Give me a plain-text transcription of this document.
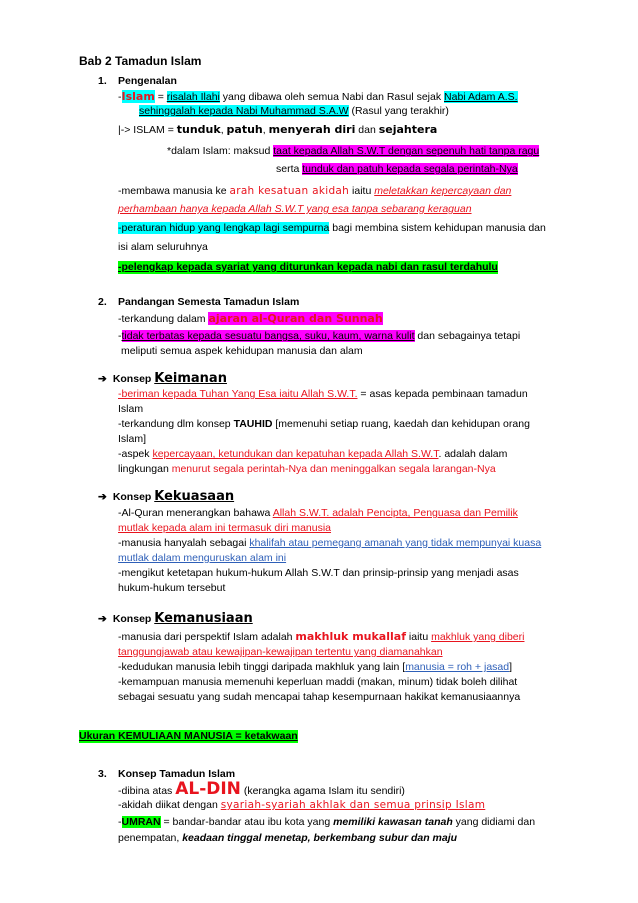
Bab 2 Tamadun Islam
1. Pengenalan
-Islam = risalah Ilahi yang dibawa oleh semua Nabi dan Rasul sejak Nabi Adam A.S.
sehinggalah kepada Nabi Muhammad S.A.W (Rasul yang terakhir)
|-> ISLAM = tunduk, patuh, menyerah diri dan sejahtera
*dalam Islam: maksud taat kepada Allah S.W.T dengan sepenuh hati tanpa ragu
serta tunduk dan patuh kepada segala perintah-Nya
-membawa manusia ke arah kesatuan akidah iaitu meletakkan kepercayaan dan
perhambaan hanya kepada Allah S.W.T yang esa tanpa sebarang keraguan
-peraturan hidup yang lengkap lagi sempurna bagi membina sistem kehidupan manusia dan
isi alam seluruhnya
-pelengkap kepada syariat yang diturunkan kepada nabi dan rasul terdahulu
2. Pandangan Semesta Tamadun Islam
-terkandung dalam ajaran al-Quran dan Sunnah
-tidak terbatas kepada sesuatu bangsa, suku, kaum, warna kulit dan sebagainya tetapi
meliputi semua aspek kehidupan manusia dan alam
➔ Konsep Keimanan
-beriman kepada Tuhan Yang Esa iaitu Allah S.W.T. = asas kepada pembinaan tamadun
Islam
-terkandung dlm konsep TAUHID [memenuhi setiap ruang, kaedah dan kehidupan orang
Islam]
-aspek kepercayaan, ketundukan dan kepatuhan kepada Allah S.W.T. adalah dalam
lingkungan menurut segala perintah-Nya dan meninggalkan segala larangan-Nya
➔ Konsep Kekuasaan
-Al-Quran menerangkan bahawa Allah S.W.T. adalah Pencipta, Penguasa dan Pemilik
mutlak kepada alam ini termasuk diri manusia
-manusia hanyalah sebagai khalifah atau pemegang amanah yang tidak mempunyai kuasa
mutlak dalam menguruskan alam ini
-mengikut ketetapan hukum-hukum Allah S.W.T dan prinsip-prinsip yang menjadi asas
hukum-hukum tersebut
➔ Konsep Kemanusiaan
-manusia dari perspektif Islam adalah makhluk mukallaf iaitu makhluk yang diberi
tanggungjawab atau kewajipan-kewajipan tertentu yang diamanahkan
-kedudukan manusia lebih tinggi daripada makhluk yang lain [manusia = roh + jasad]
-kemampuan manusia memenuhi keperluan maddi (makan, minum) tidak boleh dilihat
sebagai sesuatu yang sudah mencapai tahap kesempurnaan hakikat kemanusiaannya
Ukuran KEMULIAAN MANUSIA = ketakwaan
3. Konsep Tamadun Islam
-dibina atas AL-DIN (kerangka agama Islam itu sendiri)
-akidah diikat dengan syariah-syariah akhlak dan semua prinsip Islam
-UMRAN = bandar-bandar atau ibu kota yang memiliki kawasan tanah yang didiami dan
penempatan, keadaan tinggal menetap, berkembang subur dan maju
